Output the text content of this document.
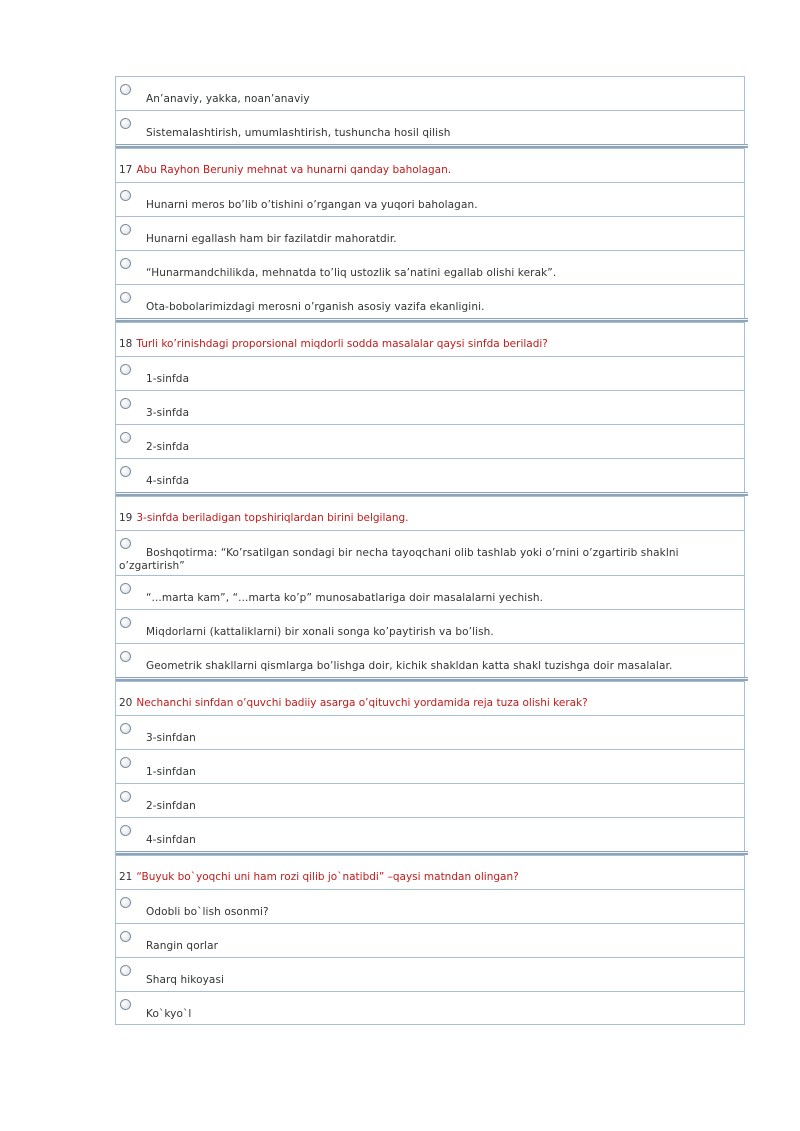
An’anaviy, yakka, noan’anaviy
Sistemalashtirish, umumlashtirish, tushuncha hosil qilish
17 Abu Rayhon Beruniy mehnat va hunarni qanday baholagan.
Hunarni meros bo’lib o’tishini o’rgangan va yuqori baholagan.
Hunarni egallash ham bir fazilatdir mahoratdir.
“Hunarmandchilikda, mehnatda to’liq ustozlik sa’natini egallab olishi kerak”.
Ota-bobolarimizdagi merosni o’rganish asosiy vazifa ekanligini.
18 Turli ko’rinishdagi proporsional miqdorli sodda masalalar qaysi sinfda beriladi?
1-sinfda
3-sinfda
2-sinfda
4-sinfda
19 3-sinfda beriladigan topshiriqlardan birini belgilang.
Boshqotirma: “Ko’rsatilgan sondagi bir necha tayoqchani olib tashlab yoki o’rnini o’zgartirib shaklni o’zgartirish”
“...marta kam”, “...marta ko’p” munosabatlariga doir masalalarni yechish.
Miqdorlarni (kattaliklarni) bir xonali songa ko’paytirish va bo’lish.
Geometrik shakllarni qismlarga bo’lishga doir, kichik shakldan katta shakl tuzishga doir masalalar.
20 Nechanchi sinfdan o’quvchi badiiy asarga o’qituvchi yordamida reja tuza olishi kerak?
3-sinfdan
1-sinfdan
2-sinfdan
4-sinfdan
21 “Buyuk bo`yoqchi uni ham rozi qilib jo`natibdi” –qaysi matndan olingan?
Odobli bo`lish osonmi?
Rangin qorlar
Sharq hikoyasi
Ko`kyo`l
